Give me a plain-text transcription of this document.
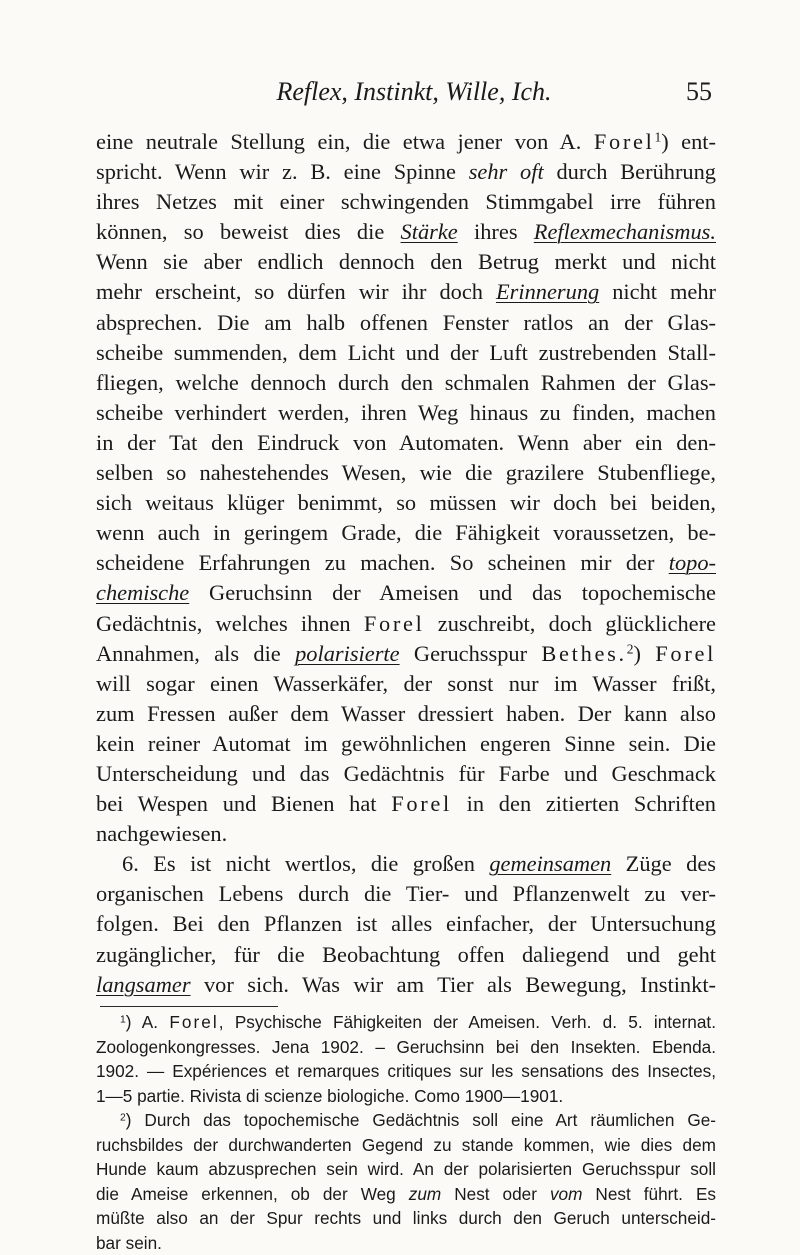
Reflex, Instinkt, Wille, Ich.	55
eine neutrale Stellung ein, die etwa jener von A. Forel$^1$) ent-
spricht. Wenn wir z. B. eine Spinne sehr oft durch Berührung
ihres Netzes mit einer schwingenden Stimmgabel irre führen
können, so beweist dies die Stärke ihres Reflexmechanismus.
Wenn sie aber endlich dennoch den Betrug merkt und nicht
mehr erscheint, so dürfen wir ihr doch Erinnerung nicht mehr
absprechen. Die am halb offenen Fenster ratlos an der Glas-
scheibe summenden, dem Licht und der Luft zustrebenden Stall-
fliegen, welche dennoch durch den schmalen Rahmen der Glas-
scheibe verhindert werden, ihren Weg hinaus zu finden, machen
in der Tat den Eindruck von Automaten. Wenn aber ein den-
selben so nahestehendes Wesen, wie die grazilere Stubenfliege,
sich weitaus klüger benimmt, so müssen wir doch bei beiden,
wenn auch in geringem Grade, die Fähigkeit voraussetzen, be-
scheidene Erfahrungen zu machen. So scheinen mir der topo-
chemische Geruchsinn der Ameisen und das topochemische
Gedächtnis, welches ihnen Forel zuschreibt, doch glücklichere
Annahmen, als die polarisierte Geruchsspur Bethes.$^2$) Forel
will sogar einen Wasserkäfer, der sonst nur im Wasser frißt,
zum Fressen außer dem Wasser dressiert haben. Der kann also
kein reiner Automat im gewöhnlichen engeren Sinne sein. Die
Unterscheidung und das Gedächtnis für Farbe und Geschmack
bei Wespen und Bienen hat Forel in den zitierten Schriften
nachgewiesen.
6. Es ist nicht wertlos, die großen gemeinsamen Züge des
organischen Lebens durch die Tier- und Pflanzenwelt zu ver-
folgen. Bei den Pflanzen ist alles einfacher, der Untersuchung
zugänglicher, für die Beobachtung offen daliegend und geht
langsamer vor sich. Was wir am Tier als Bewegung, Instinkt-
$^1$) A. Forel, Psychische Fähigkeiten der Ameisen. Verh. d. 5. internat.
Zoologenkongresses. Jena 1902. – Geruchsinn bei den Insekten. Ebenda.
1902. — Expériences et remarques critiques sur les sensations des Insectes,
1—5 partie. Rivista di scienze biologiche. Como 1900—1901.
$^2$) Durch das topochemische Gedächtnis soll eine Art räumlichen Ge-
ruchsbildes der durchwanderten Gegend zu stande kommen, wie dies dem
Hunde kaum abzusprechen sein wird. An der polarisierten Geruchsspur soll
die Ameise erkennen, ob der Weg zum Nest oder vom Nest führt. Es
müßte also an der Spur rechts und links durch den Geruch unterscheid-
bar sein.
